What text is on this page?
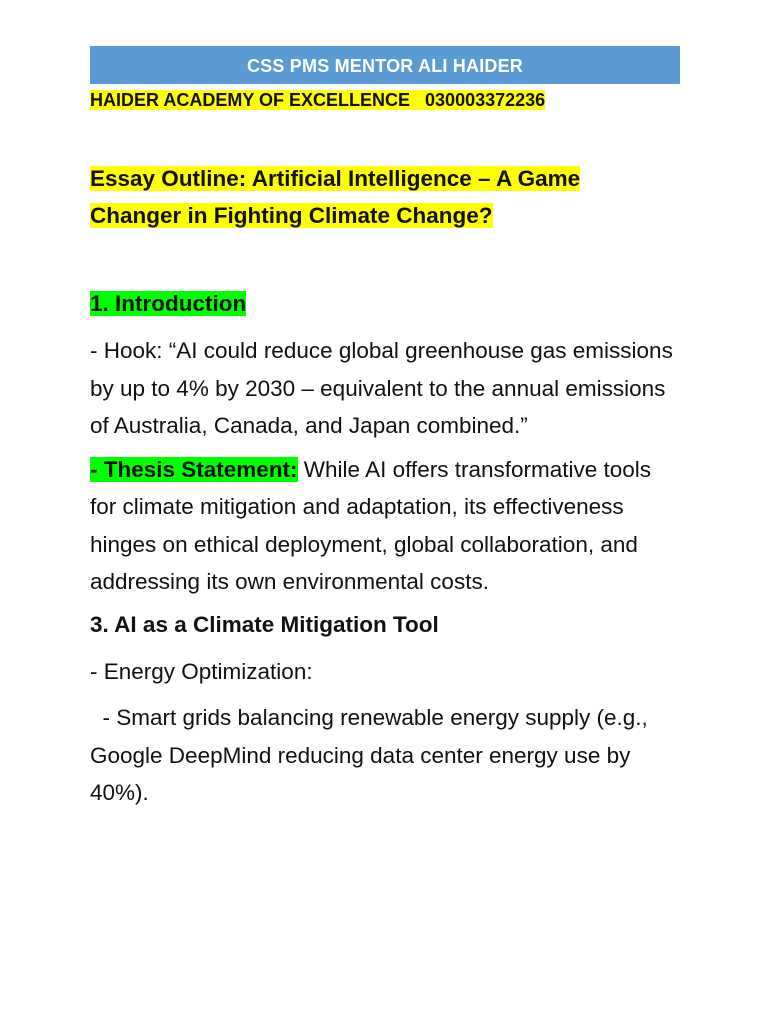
CSS PMS MENTOR ALI HAIDER
HAIDER ACADEMY OF EXCELLENCE   030003372236
Essay Outline: Artificial Intelligence – A Game Changer in Fighting Climate Change?
1. Introduction

- Hook: “AI could reduce global greenhouse gas emissions by up to 4% by 2030 – equivalent to the annual emissions of Australia, Canada, and Japan combined.”

- Thesis Statement: While AI offers transformative tools for climate mitigation and adaptation, its effectiveness hinges on ethical deployment, global collaboration, and addressing its own environmental costs.

3. AI as a Climate Mitigation Tool

- Energy Optimization:

- Smart grids balancing renewable energy supply (e.g., Google DeepMind reducing data center energy use by 40%).
